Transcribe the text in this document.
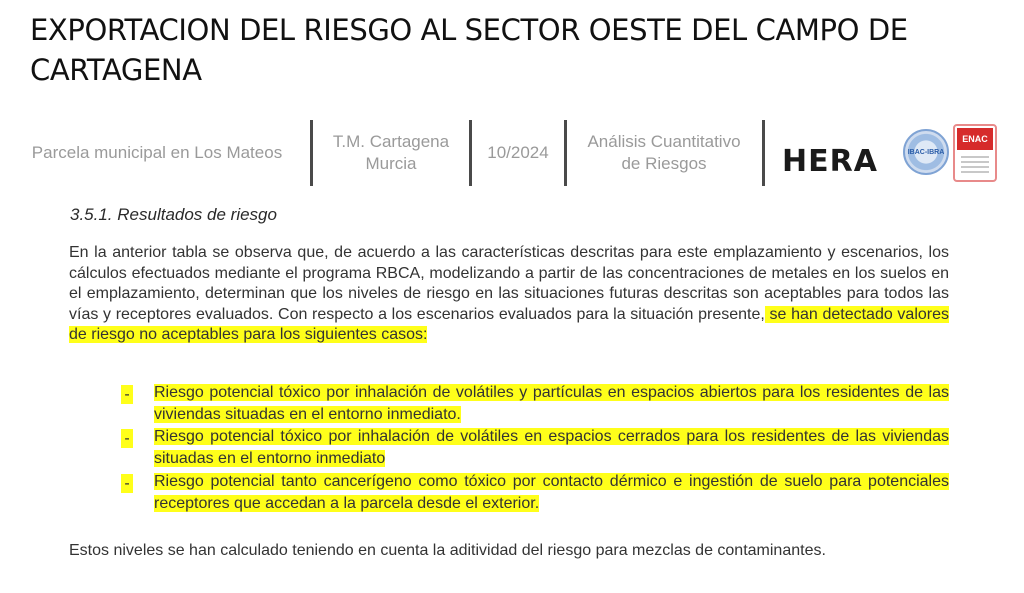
EXPORTACION DEL RIESGO AL SECTOR OESTE DEL CAMPO DE CARTAGENA
Parcela municipal en Los Mateos
T.M. Cartagena
Murcia
10/2024
Análisis Cuantitativo
de Riesgos	HERA	IBAC-IBRA
ENAC
3.5.1. Resultados de riesgo
En la anterior tabla se observa que, de acuerdo a las características descritas para este emplazamiento y escenarios, los cálculos efectuados mediante el programa RBCA, modelizando a partir de las concentraciones de metales en los suelos en el emplazamiento, determinan que los niveles de riesgo en las situaciones futuras descritas son aceptables para todos las vías y receptores evaluados. Con respecto a los escenarios evaluados para la situación presente, se han detectado valores de riesgo no aceptables para los siguientes casos:
- Riesgo potencial tóxico por inhalación de volátiles y partículas en espacios abiertos para los residentes de las viviendas situadas en el entorno inmediato.
- Riesgo potencial tóxico por inhalación de volátiles en espacios cerrados para los residentes de las viviendas situadas en el entorno inmediato
- Riesgo potencial tanto cancerígeno como tóxico por contacto dérmico e ingestión de suelo para potenciales receptores que accedan a la parcela desde el exterior.
Estos niveles se han calculado teniendo en cuenta la aditividad del riesgo para mezclas de contaminantes.
